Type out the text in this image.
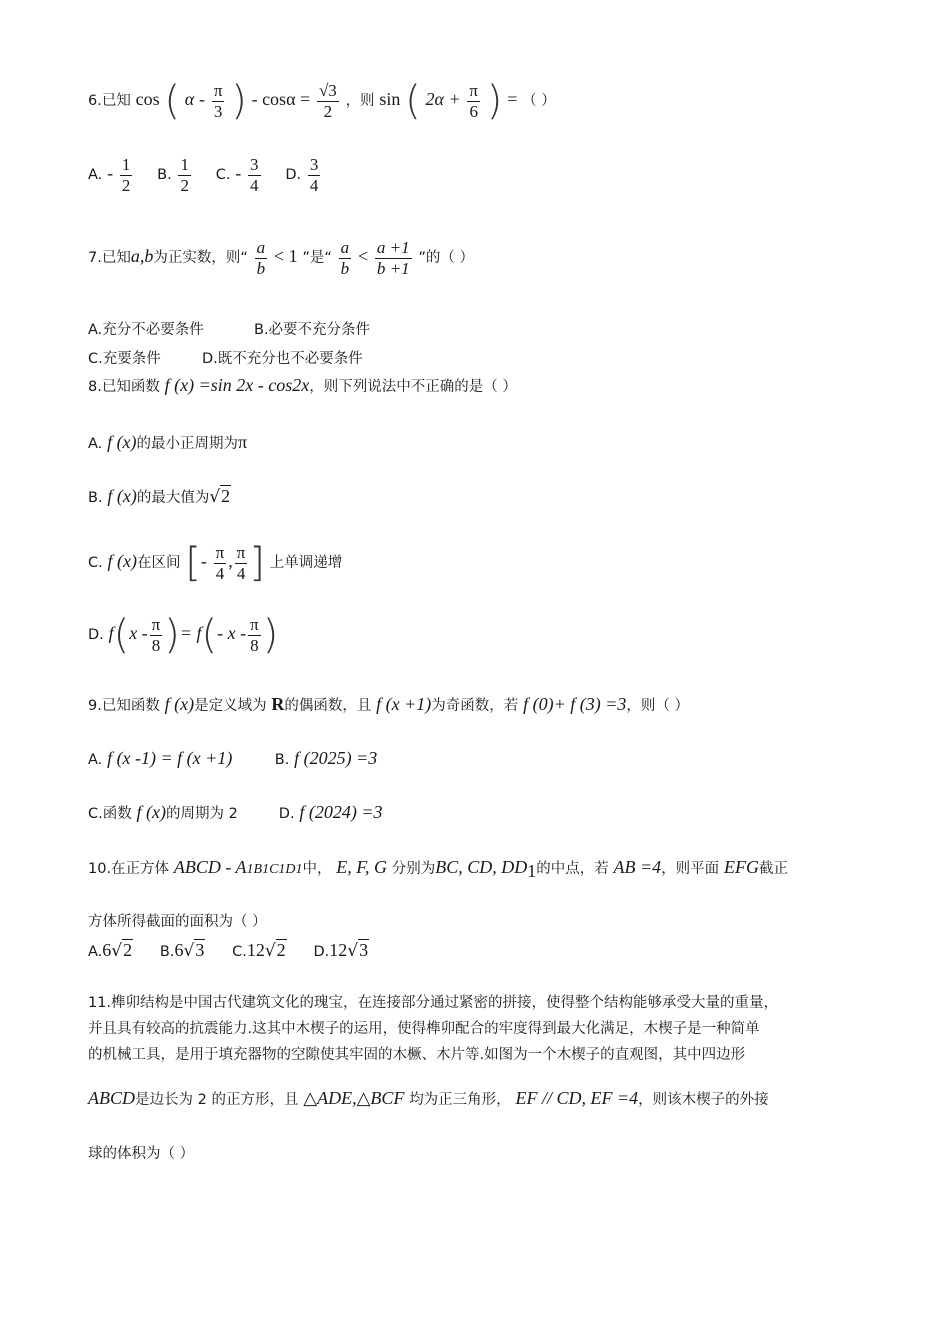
6.已知 cos ( α - $\frac{\pi}{3}$ ) - $\cos\alpha = \frac{√3}{2}$ ，则 sin ( $2\alpha + \frac{\pi}{6}$ ) = （ ）
A. - $\frac{1}{2} B$. $\frac{1}{2} C$. - $\frac{3}{4} D$. $\frac{3}{4}$
7.已知a,b为正实数，则“ $\frac{a}{b} < 1$ ”是“ $\frac{a}{b} < \frac{a +1}{b +1}$ ”的（ ）
A.充分不必要条件	B.必要不充分条件
C.充要条件	D.既不充分也不必要条件
8.已知函数 f (x) =sin 2x - cos2x，则下列说法中不正确的是（ ）
A. f (x)的最小正周期为π
B. f (x)的最大值为√2
C. f (x)在区间 [- $\frac{\pi}{4}$ , $\frac{\pi}{4}$ ] 上单调递增
D. $f(x - \frac{\pi}{8}$ )= f(- x - $\frac{\pi}{8}$ )
9.已知函数 f (x)是定义域为 R的偶函数，且 f (x +1)为奇函数，若 f (0)+ f (3) =3，则（ ）
A. f (x -1) = f (x +1)	B. f (2025) =3
C.函数 f (x)的周期为 2	D. f (2024) =3
10.在正方体 ABCD - A1B1C1D1中， E, F, G 分别为BC, CD, $DD_1$的中点，若 AB =4，则平面 EFG截正
方体所得截面的面积为（ ）
A.6√2 B.6√3 C.12√2 D.12√3
11.榫卯结构是中国古代建筑文化的瑰宝，在连接部分通过紧密的拼接，使得整个结构能够承受大量的重量，
并且具有较高的抗震能力.这其中木楔子的运用，使得榫卯配合的牢度得到最大化满足，木楔子是一种简单
的机械工具，是用于填充器物的空隙使其牢固的木橛、木片等.如图为一个木楔子的直观图，其中四边形
ABCD是边长为 2 的正方形，且 △ADE,△BCF 均为正三角形， EF // CD, EF =4，则该木楔子的外接
球的体积为（ ）
